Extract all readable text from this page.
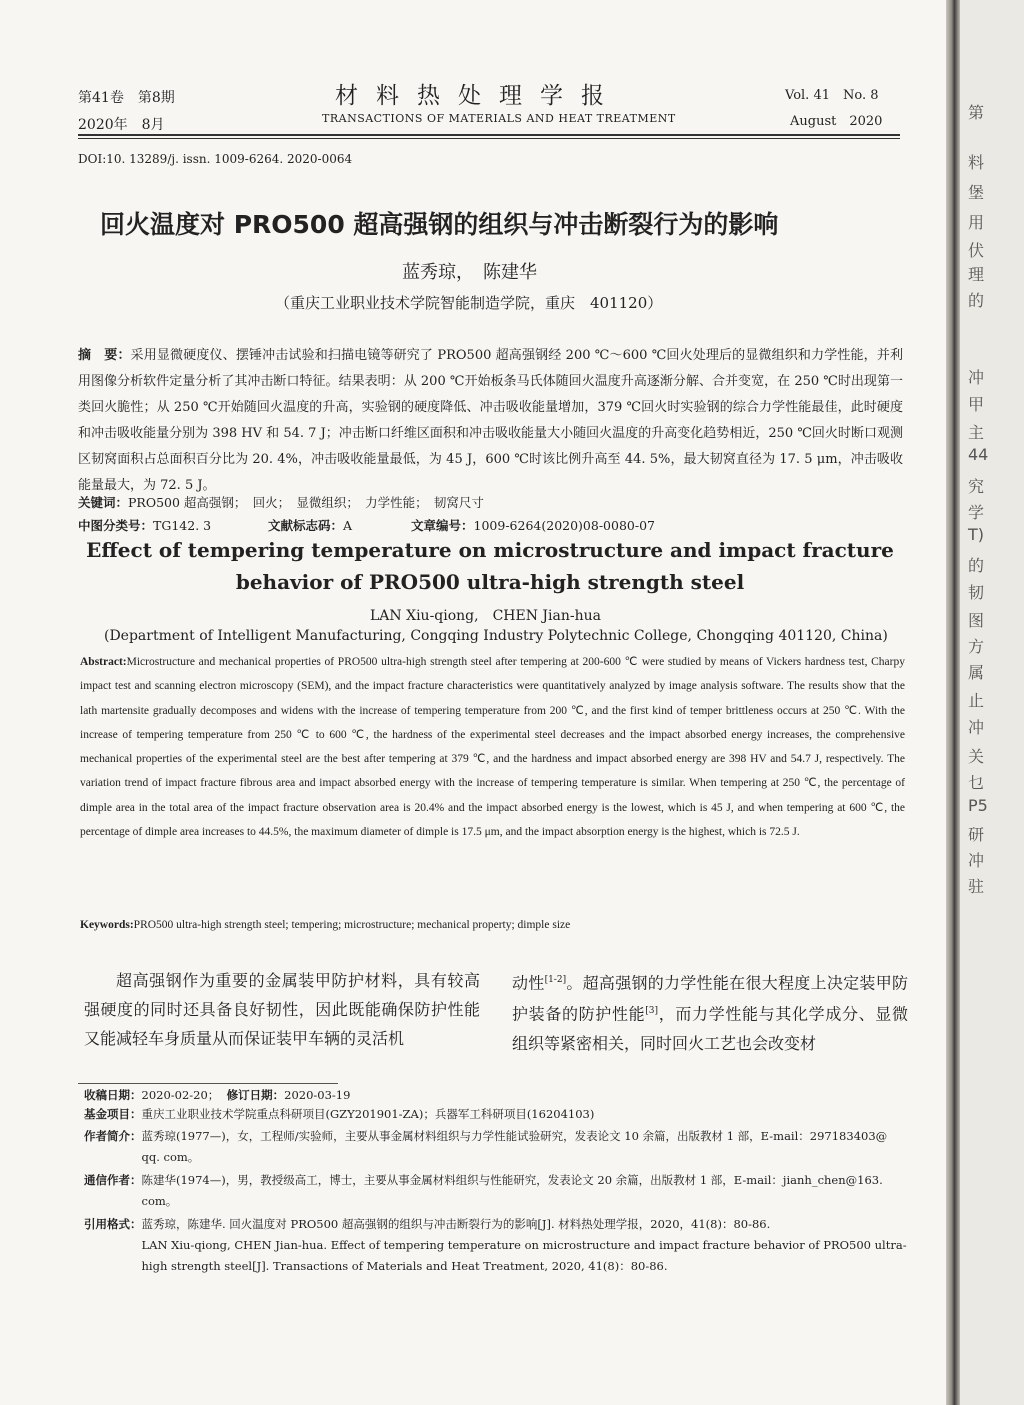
第41卷　第8期
2020年　8月
材料热处理学报
TRANSACTIONS OF MATERIALS AND HEAT TREATMENT
Vol. 41　No. 8
August　2020
DOI:10. 13289/j. issn. 1009-6264. 2020-0064
回火温度对 PRO500 超高强钢的组织与冲击断裂行为的影响
蓝秀琼，　陈建华
（重庆工业职业技术学院智能制造学院，重庆　401120）
摘　要：采用显微硬度仪、摆锤冲击试验和扫描电镜等研究了 PRO500 超高强钢经 200 ℃～600 ℃回火处理后的显微组织和力学性能，并利用图像分析软件定量分析了其冲击断口特征。结果表明：从 200 ℃开始板条马氏体随回火温度升高逐渐分解、合并变宽，在 250 ℃时出现第一类回火脆性；从 250 ℃开始随回火温度的升高，实验钢的硬度降低、冲击吸收能量增加，379 ℃回火时实验钢的综合力学性能最佳，此时硬度和冲击吸收能量分别为 398 HV 和 54. 7 J；冲击断口纤维区面积和冲击吸收能量大小随回火温度的升高变化趋势相近，250 ℃回火时断口观测区韧窝面积占总面积百分比为 20. 4%，冲击吸收能量最低，为 45 J，600 ℃时该比例升高至 44. 5%，最大韧窝直径为 17. 5 μm，冲击吸收能量最大，为 72. 5 J。
关键词：PRO500 超高强钢；　回火；　显微组织；　力学性能；　韧窝尺寸
中图分类号：TG142. 3	文献标志码：A	文章编号：1009-6264(2020)08-0080-07
Effect of tempering temperature on microstructure and impact fracture
behavior of PRO500 ultra-high strength steel
LAN Xiu-qiong,　CHEN Jian-hua
(Department of Intelligent Manufacturing, Congqing Industry Polytechnic College, Chongqing 401120, China)
Abstract:Microstructure and mechanical properties of PRO500 ultra-high strength steel after tempering at 200-600 ℃ were studied by means of Vickers hardness test, Charpy impact test and scanning electron microscopy (SEM), and the impact fracture characteristics were quantitatively analyzed by image analysis software. The results show that the lath martensite gradually decomposes and widens with the increase of tempering temperature from 200 ℃, and the first kind of temper brittleness occurs at 250 ℃. With the increase of tempering temperature from 250 ℃ to 600 ℃, the hardness of the experimental steel decreases and the impact absorbed energy increases, the comprehensive mechanical properties of the experimental steel are the best after tempering at 379 ℃, and the hardness and impact absorbed energy are 398 HV and 54.7 J, respectively. The variation trend of impact fracture fibrous area and impact absorbed energy with the increase of tempering temperature is similar. When tempering at 250 ℃, the percentage of dimple area in the total area of the impact fracture observation area is 20.4% and the impact absorbed energy is the lowest, which is 45 J, and when tempering at 600 ℃, the percentage of dimple area increases to 44.5%, the maximum diameter of dimple is 17.5 μm, and the impact absorption energy is the highest, which is 72.5 J.
Keywords:PRO500 ultra-high strength steel; tempering; microstructure; mechanical property; dimple size
超高强钢作为重要的金属装甲防护材料，具有较高强硬度的同时还具备良好韧性，因此既能确保防护性能又能减轻车身质量从而保证装甲车辆的灵活机
动性[1-2]。超高强钢的力学性能在很大程度上决定装甲防护装备的防护性能[3]，而力学性能与其化学成分、显微组织等紧密相关，同时回火工艺也会改变材
收稿日期：2020-02-20； 修订日期：2020-03-19
基金项目：重庆工业职业技术学院重点科研项目(GZY201901-ZA)；兵器军工科研项目(16204103)
作者简介： 蓝秀琼(1977—)，女，工程师/实验师，主要从事金属材料组织与力学性能试验研究，发表论文 10 余篇，出版教材 1 部，E-mail：297183403@ qq. com。
通信作者： 陈建华(1974—)，男，教授级高工，博士，主要从事金属材料组织与性能研究，发表论文 20 余篇，出版教材 1 部，E-mail：jianh_chen@163. com。
引用格式： 蓝秀琼，陈建华. 回火温度对 PRO500 超高强钢的组织与冲击断裂行为的影响[J]. 材料热处理学报，2020，41(8)：80-86.
LAN Xiu-qiong, CHEN Jian-hua. Effect of tempering temperature on microstructure and impact fracture behavior of PRO500 ultra-high strength steel[J]. Transactions of Materials and Heat Treatment, 2020, 41(8)：80-86.
第
料
堡
用
伏
理
的
冲
甲
主
44
究
学
T)
的
韧
图
方
属
止
冲
关
乜
P5
研
冲
驻
